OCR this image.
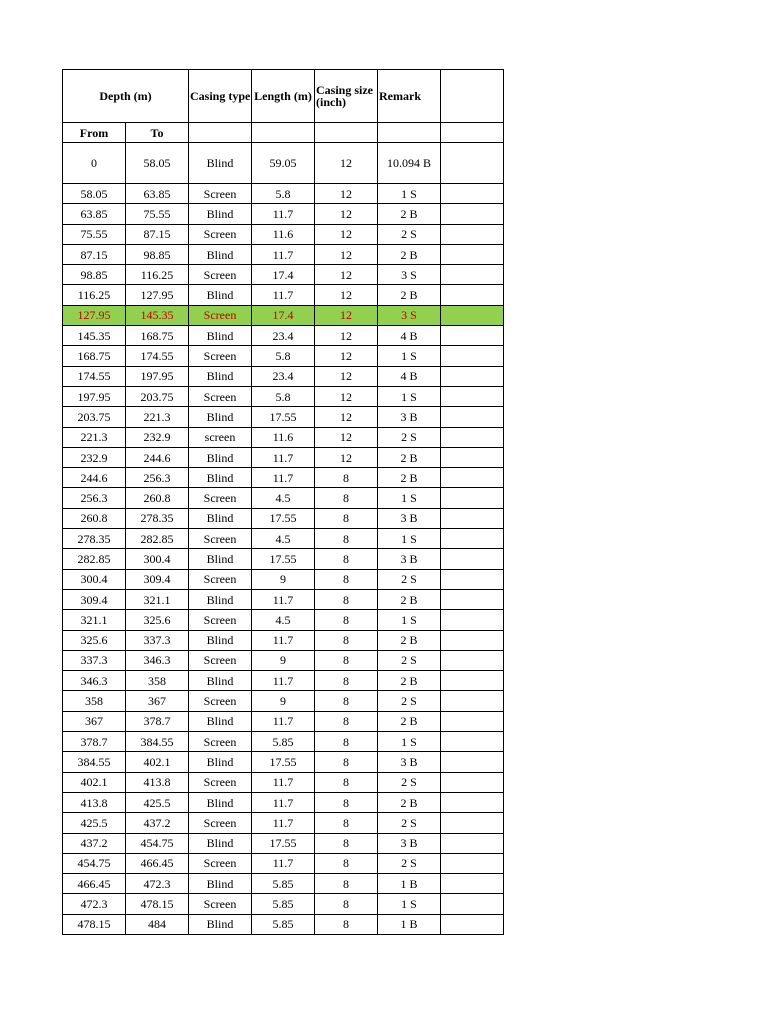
Depth (m)		Casing type	Length (m)	Casing size (inch)	Remark	
From	To					
0	58.05	Blind	59.05	12	10.094 B	
58.05	63.85	Screen	5.8	12	1 S	
63.85	75.55	Blind	11.7	12	2 B	
75.55	87.15	Screen	11.6	12	2 S	
87.15	98.85	Blind	11.7	12	2 B	
98.85	116.25	Screen	17.4	12	3 S	
116.25	127.95	Blind	11.7	12	2 B	
127.95	145.35	Screen	17.4	12	3 S	
145.35	168.75	Blind	23.4	12	4 B	
168.75	174.55	Screen	5.8	12	1 S	
174.55	197.95	Blind	23.4	12	4 B	
197.95	203.75	Screen	5.8	12	1 S	
203.75	221.3	Blind	17.55	12	3 B	
221.3	232.9	screen	11.6	12	2 S	
232.9	244.6	Blind	11.7	12	2 B	
244.6	256.3	Blind	11.7	8	2 B	
256.3	260.8	Screen	4.5	8	1 S	
260.8	278.35	Blind	17.55	8	3 B	
278.35	282.85	Screen	4.5	8	1 S	
282.85	300.4	Blind	17.55	8	3 B	
300.4	309.4	Screen	9	8	2 S	
309.4	321.1	Blind	11.7	8	2 B	
321.1	325.6	Screen	4.5	8	1 S	
325.6	337.3	Blind	11.7	8	2 B	
337.3	346.3	Screen	9	8	2 S	
346.3	358	Blind	11.7	8	2 B	
358	367	Screen	9	8	2 S	
367	378.7	Blind	11.7	8	2 B	
378.7	384.55	Screen	5.85	8	1 S	
384.55	402.1	Blind	17.55	8	3 B	
402.1	413.8	Screen	11.7	8	2 S	
413.8	425.5	Blind	11.7	8	2 B	
425.5	437.2	Screen	11.7	8	2 S	
437.2	454.75	Blind	17.55	8	3 B	
454.75	466.45	Screen	11.7	8	2 S	
466.45	472.3	Blind	5.85	8	1 B	
472.3	478.15	Screen	5.85	8	1 S	
478.15	484	Blind	5.85	8	1 B	
